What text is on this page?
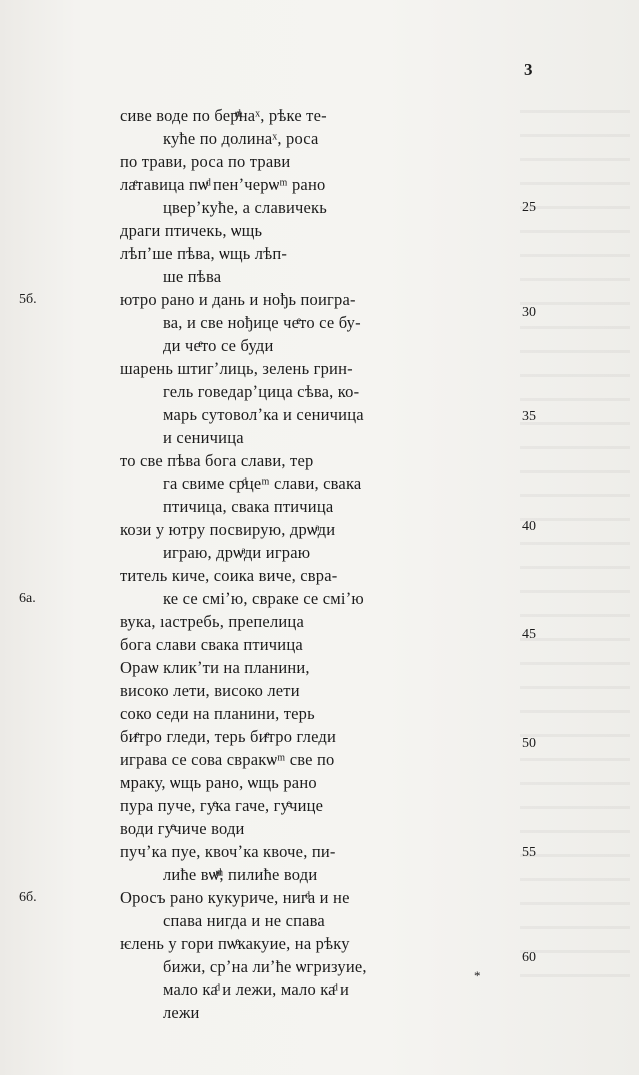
3
сиве воде по берͩͫнаˣ, рѣке те-
куће по долинаˣ, роса
по трави, роса по трави
лаͤтавица пѡͩ пенʼчерѡᵐ рано
цверʼкуће, а славичекь
драги птичекь, ѡщь
лѣпʼше пѣва, ѡщь лѣп-
ше пѣва
ютро рано и дань и нођь поигра-
ва, и све нођице чеͤто се бу-
ди чеͤто се буди
шарень штигʼлиць, зелень грин-
гель говедарʼцица сѣва, ко-
марь сутоволʼка и сеничица
и сеничица
то све пѣва бога слави, тер
га свиме срͩцеᵐ слави, свака
птичица, свака птичица
кози у ютру посвирую, дрѡͣди
играю, дрѡͣди играю
титель киче, соика виче, свра-
ке се смiʼю, свраке се смiʼю
вука, ıастребь, препелица
бога слави свака птичица
Ораѡ кликʼти на планини,
високо лети, високо лети
соко седи на планини, терь
биͤтро гледи, терь биͤтро гледи
игрaва се сова свракѡᵐ све по
мраку, ѡщь рано, ѡщь рано
пура пуче, гуͤка гаче, гуͤчице
води гуͤчиче води
пучʼка пуе, квочʼка квоче, пи-
лиће вѡͩͫ, пилиће води
Оросъ рано кукуриче, нигͩа и не
спава нигда и не спава
ѥлень у гори пѡͤкакуие, на рѣку
бижи, срʼна лиʼће ѡгризуие,
мало каͩ и лежи, мало каͩ и
лежи
5б.
6а.
6б.
25
30
35
40
45
50
55
60
*
